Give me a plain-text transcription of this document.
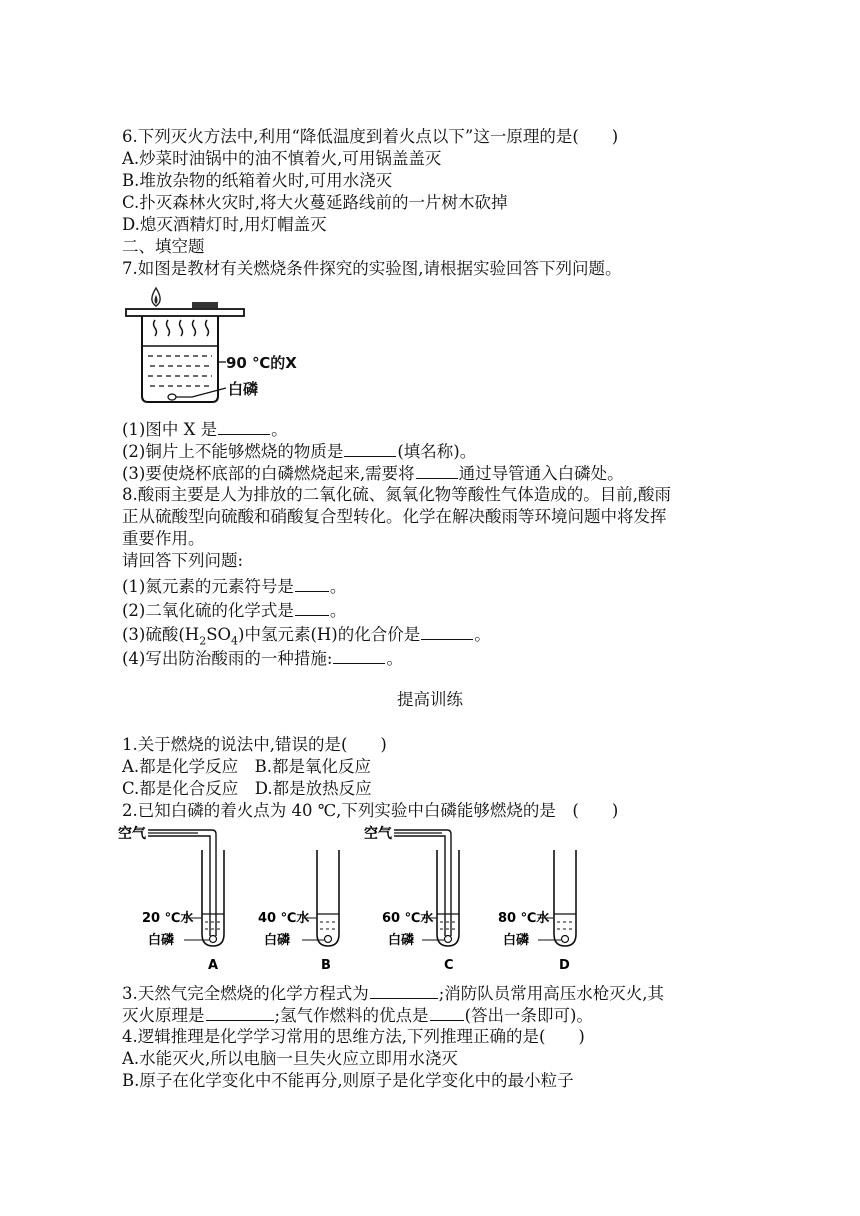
6.下列灭火方法中,利用“降低温度到着火点以下”这一原理的是(　　)
A.炒菜时油锅中的油不慎着火,可用锅盖盖灭
B.堆放杂物的纸箱着火时,可用水浇灭
C.扑灭森林火灾时,将大火蔓延路线前的一片树木砍掉
D.熄灭酒精灯时,用灯帽盖灭
二、填空题
7.如图是教材有关燃烧条件探究的实验图,请根据实验回答下列问题。
90 ℃的X
白磷
(1)图中 X 是	。
(2)铜片上不能够燃烧的物质是	(填名称)。
(3)要使烧杯底部的白磷燃烧起来,需要将	通过导管通入白磷处。
8.酸雨主要是人为排放的二氧化硫、氮氧化物等酸性气体造成的。目前,酸雨
正从硫酸型向硫酸和硝酸复合型转化。化学在解决酸雨等环境问题中将发挥
重要作用。
请回答下列问题:
(1)氮元素的元素符号是 。
(2)二氧化硫的化学式是 。
(3)硫酸$(H_2SO_4)$中氢元素(H)的化合价是	。
(4)写出防治酸雨的一种措施:	。
提高训练
1.关于燃烧的说法中,错误的是(　　)
A.都是化学反应　B.都是氧化反应
C.都是化合反应　D.都是放热反应
2.已知白磷的着火点为 40 ℃,下列实验中白磷能够燃烧的是　(　　)
空气
20 ℃水
白磷
A
40 ℃水
白磷
B
空气
60 ℃水
白磷
C
80 ℃水
白磷
D
3.天然气完全燃烧的化学方程式为	;消防队员常用高压水枪灭火,其
灭火原理是	;氢气作燃料的优点是 (答出一条即可)。
4.逻辑推理是化学学习常用的思维方法,下列推理正确的是(　　)
A.水能灭火,所以电脑一旦失火应立即用水浇灭
B.原子在化学变化中不能再分,则原子是化学变化中的最小粒子
